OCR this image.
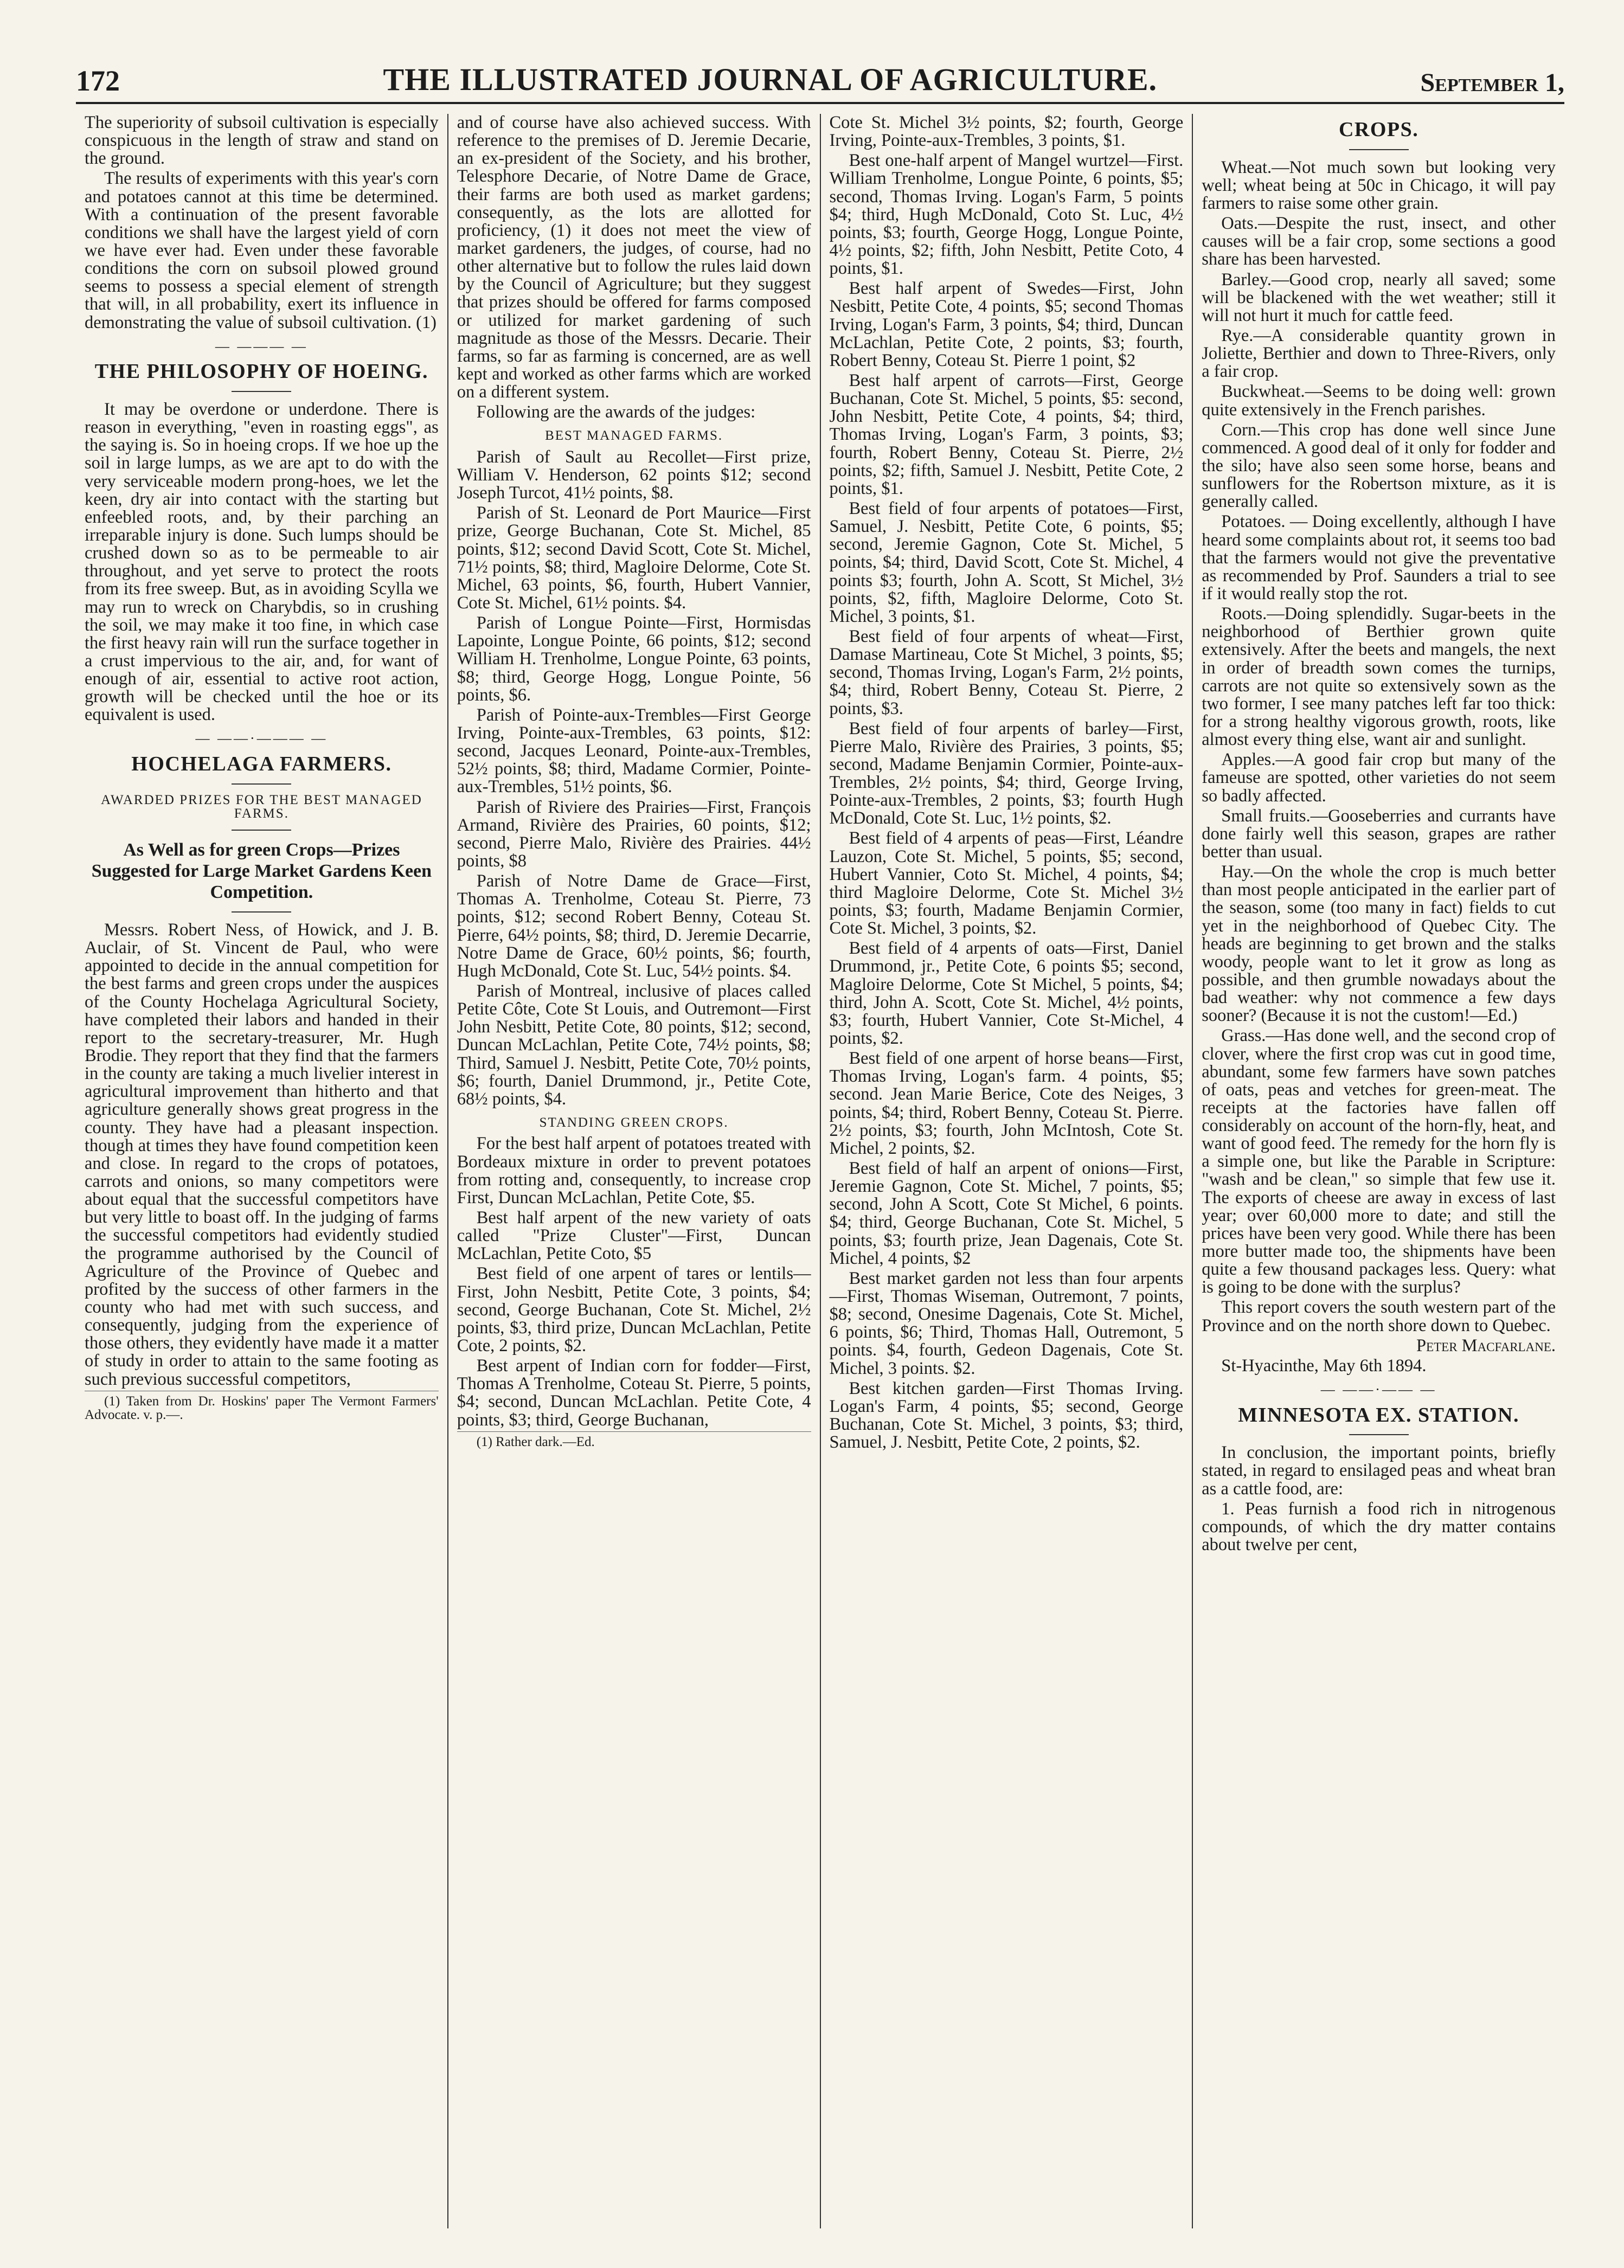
172	THE ILLUSTRATED JOURNAL OF AGRICULTURE.	September 1,

The superiority of subsoil cultivation is especially conspicuous in the length of straw and stand on the ground.

The results of experiments with this year's corn and potatoes cannot at this time be determined. With a continuation of the present favorable conditions we shall have the largest yield of corn we have ever had. Even under these favorable conditions the corn on subsoil plowed ground seems to possess a special element of strength that will, in all probability, exert its influence in demonstrating the value of subsoil cultivation. (1)

— ——— —
THE PHILOSOPHY OF HOEING.

It may be overdone or underdone. There is reason in everything, "even in roasting eggs", as the saying is. So in hoeing crops. If we hoe up the soil in large lumps, as we are apt to do with the very serviceable modern prong-hoes, we let the keen, dry air into contact with the starting but enfeebled roots, and, by their parching an irreparable injury is done. Such lumps should be crushed down so as to be permeable to air throughout, and yet serve to protect the roots from its free sweep. But, as in avoiding Scylla we may run to wreck on Charybdis, so in crushing the soil, we may make it too fine, in which case the first heavy rain will run the surface together in a crust impervious to the air, and, for want of enough of air, essential to active root action, growth will be checked until the hoe or its equivalent is used.

— ——·——— —
HOCHELAGA FARMERS.
AWARDED PRIZES FOR THE BEST MANAGED FARMS.
As Well as for green Crops—Prizes Suggested for Large Market Gardens Keen Competition.

Messrs. Robert Ness, of Howick, and J. B. Auclair, of St. Vincent de Paul, who were appointed to decide in the annual competition for the best farms and green crops under the auspices of the County Hochelaga Agricultural Society, have completed their labors and handed in their report to the secretary-treasurer, Mr. Hugh Brodie. They report that they find that the farmers in the county are taking a much livelier interest in agricultural improvement than hitherto and that agriculture generally shows great progress in the county. They have had a pleasant inspection. though at times they have found competition keen and close. In regard to the crops of potatoes, carrots and onions, so many competitors were about equal that the successful competitors have but very little to boast off. In the judging of farms the successful competitors had evidently studied the programme authorised by the Council of Agriculture of the Province of Quebec and profited by the success of other farmers in the county who had met with such success, and consequently, judging from the experience of those others, they evidently have made it a matter of study in order to attain to the same footing as such previous successful competitors,

(1) Taken from Dr. Hoskins' paper The Vermont Farmers' Advocate. v. p.—.

and of course have also achieved success. With reference to the premises of D. Jeremie Decarie, an ex-president of the Society, and his brother, Telesphore Decarie, of Notre Dame de Grace, their farms are both used as market gardens; consequently, as the lots are allotted for proficiency, (1) it does not meet the view of market gardeners, the judges, of course, had no other alternative but to follow the rules laid down by the Council of Agriculture; but they suggest that prizes should be offered for farms composed or utilized for market gardening of such magnitude as those of the Messrs. Decarie. Their farms, so far as farming is concerned, are as well kept and worked as other farms which are worked on a different system.

Following are the awards of the judges:

BEST MANAGED FARMS.

Parish of Sault au Recollet—First prize, William V. Henderson, 62 points $12; second Joseph Turcot, 41½ points, $8.

Parish of St. Leonard de Port Maurice—First prize, George Buchanan, Cote St. Michel, 85 points, $12; second David Scott, Cote St. Michel, 71½ points, $8; third, Magloire Delorme, Cote St. Michel, 63 points, $6, fourth, Hubert Vannier, Cote St. Michel, 61½ points. $4.

Parish of Longue Pointe—First, Hormisdas Lapointe, Longue Pointe, 66 points, $12; second William H. Trenholme, Longue Pointe, 63 points, $8; third, George Hogg, Longue Pointe, 56 points, $6.

Parish of Pointe-aux-Trembles—First George Irving, Pointe-aux-Trembles, 63 points, $12: second, Jacques Leonard, Pointe-aux-Trembles, 52½ points, $8; third, Madame Cormier, Pointe-aux-Trembles, 51½ points, $6.

Parish of Riviere des Prairies—First, François Armand, Rivière des Prairies, 60 points, $12; second, Pierre Malo, Rivière des Prairies. 44½ points, $8

Parish of Notre Dame de Grace—First, Thomas A. Trenholme, Coteau St. Pierre, 73 points, $12; second Robert Benny, Coteau St. Pierre, 64½ points, $8; third, D. Jeremie Decarrie, Notre Dame de Grace, 60½ points, $6; fourth, Hugh McDonald, Cote St. Luc, 54½ points. $4.

Parish of Montreal, inclusive of places called Petite Côte, Cote St Louis, and Outremont—First John Nesbitt, Petite Cote, 80 points, $12; second, Duncan McLachlan, Petite Cote, 74½ points, $8; Third, Samuel J. Nesbitt, Petite Cote, 70½ points, $6; fourth, Daniel Drummond, jr., Petite Cote, 68½ points, $4.

STANDING GREEN CROPS.

For the best half arpent of potatoes treated with Bordeaux mixture in order to prevent potatoes from rotting and, consequently, to increase crop First, Duncan McLachlan, Petite Cote, $5.

Best half arpent of the new variety of oats called "Prize Cluster"—First, Duncan McLachlan, Petite Coto, $5

Best field of one arpent of tares or lentils—First, John Nesbitt, Petite Cote, 3 points, $4; second, George Buchanan, Cote St. Michel, 2½ points, $3, third prize, Duncan McLachlan, Petite Cote, 2 points, $2.

Best arpent of Indian corn for fodder—First, Thomas A Trenholme, Coteau St. Pierre, 5 points, $4; second, Duncan McLachlan. Petite Cote, 4 points, $3; third, George Buchanan,

(1) Rather dark.—Ed.

Cote St. Michel 3½ points, $2; fourth, George Irving, Pointe-aux-Trembles, 3 points, $1.

Best one-half arpent of Mangel wurtzel—First. William Trenholme, Longue Pointe, 6 points, $5; second, Thomas Irving. Logan's Farm, 5 points $4; third, Hugh McDonald, Coto St. Luc, 4½ points, $3; fourth, George Hogg, Longue Pointe, 4½ points, $2; fifth, John Nesbitt, Petite Coto, 4 points, $1.

Best half arpent of Swedes—First, John Nesbitt, Petite Cote, 4 points, $5; second Thomas Irving, Logan's Farm, 3 points, $4; third, Duncan McLachlan, Petite Cote, 2 points, $3; fourth, Robert Benny, Coteau St. Pierre 1 point, $2

Best half arpent of carrots—First, George Buchanan, Cote St. Michel, 5 points, $5: second, John Nesbitt, Petite Cote, 4 points, $4; third, Thomas Irving, Logan's Farm, 3 points, $3; fourth, Robert Benny, Coteau St. Pierre, 2½ points, $2; fifth, Samuel J. Nesbitt, Petite Cote, 2 points, $1.

Best field of four arpents of potatoes—First, Samuel, J. Nesbitt, Petite Cote, 6 points, $5; second, Jeremie Gagnon, Cote St. Michel, 5 points, $4; third, David Scott, Cote St. Michel, 4 points $3; fourth, John A. Scott, St Michel, 3½ points, $2, fifth, Magloire Delorme, Coto St. Michel, 3 points, $1.

Best field of four arpents of wheat—First, Damase Martineau, Cote St Michel, 3 points, $5; second, Thomas Irving, Logan's Farm, 2½ points, $4; third, Robert Benny, Coteau St. Pierre, 2 points, $3.

Best field of four arpents of barley—First, Pierre Malo, Rivière des Prairies, 3 points, $5; second, Madame Benjamin Cormier, Pointe-aux-Trembles, 2½ points, $4; third, George Irving, Pointe-aux-Trembles, 2 points, $3; fourth Hugh McDonald, Cote St. Luc, 1½ points, $2.

Best field of 4 arpents of peas—First, Léandre Lauzon, Cote St. Michel, 5 points, $5; second, Hubert Vannier, Coto St. Michel, 4 points, $4; third Magloire Delorme, Cote St. Michel 3½ points, $3; fourth, Madame Benjamin Cormier, Cote St. Michel, 3 points, $2.

Best field of 4 arpents of oats—First, Daniel Drummond, jr., Petite Cote, 6 points $5; second, Magloire Delorme, Cote St Michel, 5 points, $4; third, John A. Scott, Cote St. Michel, 4½ points, $3; fourth, Hubert Vannier, Cote St-Michel, 4 points, $2.

Best field of one arpent of horse beans—First, Thomas Irving, Logan's farm. 4 points, $5; second. Jean Marie Berice, Cote des Neiges, 3 points, $4; third, Robert Benny, Coteau St. Pierre. 2½ points, $3; fourth, John McIntosh, Cote St. Michel, 2 points, $2.

Best field of half an arpent of onions—First, Jeremie Gagnon, Cote St. Michel, 7 points, $5; second, John A Scott, Cote St Michel, 6 points. $4; third, George Buchanan, Cote St. Michel, 5 points, $3; fourth prize, Jean Dagenais, Cote St. Michel, 4 points, $2

Best market garden not less than four arpents—First, Thomas Wiseman, Outremont, 7 points, $8; second, Onesime Dagenais, Cote St. Michel, 6 points, $6; Third, Thomas Hall, Outremont, 5 points. $4, fourth, Gedeon Dagenais, Cote St. Michel, 3 points. $2.

Best kitchen garden—First Thomas Irving. Logan's Farm, 4 points, $5; second, George Buchanan, Cote St. Michel, 3 points, $3; third, Samuel, J. Nesbitt, Petite Cote, 2 points, $2.

CROPS.

Wheat.—Not much sown but looking very well; wheat being at 50c in Chicago, it will pay farmers to raise some other grain.

Oats.—Despite the rust, insect, and other causes will be a fair crop, some sections a good share has been harvested.

Barley.—Good crop, nearly all saved; some will be blackened with the wet weather; still it will not hurt it much for cattle feed.

Rye.—A considerable quantity grown in Joliette, Berthier and down to Three-Rivers, only a fair crop.

Buckwheat.—Seems to be doing well: grown quite extensively in the French parishes.

Corn.—This crop has done well since June commenced. A good deal of it only for fodder and the silo; have also seen some horse, beans and sunflowers for the Robertson mixture, as it is generally called.

Potatoes. — Doing excellently, although I have heard some complaints about rot, it seems too bad that the farmers would not give the preventative as recommended by Prof. Saunders a trial to see if it would really stop the rot.

Roots.—Doing splendidly. Sugar-beets in the neighborhood of Berthier grown quite extensively. After the beets and mangels, the next in order of breadth sown comes the turnips, carrots are not quite so extensively sown as the two former, I see many patches left far too thick: for a strong healthy vigorous growth, roots, like almost every thing else, want air and sunlight.

Apples.—A good fair crop but many of the fameuse are spotted, other varieties do not seem so badly affected.

Small fruits.—Gooseberries and currants have done fairly well this season, grapes are rather better than usual.

Hay.—On the whole the crop is much better than most people anticipated in the earlier part of the season, some (too many in fact) fields to cut yet in the neighborhood of Quebec City. The heads are beginning to get brown and the stalks woody, people want to let it grow as long as possible, and then grumble nowadays about the bad weather: why not commence a few days sooner? (Because it is not the custom!—Ed.)

Grass.—Has done well, and the second crop of clover, where the first crop was cut in good time, abundant, some few farmers have sown patches of oats, peas and vetches for green-meat. The receipts at the factories have fallen off considerably on account of the horn-fly, heat, and want of good feed. The remedy for the horn fly is a simple one, but like the Parable in Scripture: "wash and be clean," so simple that few use it. The exports of cheese are away in excess of last year; over 60,000 more to date; and still the prices have been very good. While there has been more butter made too, the shipments have been quite a few thousand packages less. Query: what is going to be done with the surplus?

This report covers the south western part of the Province and on the north shore down to Quebec.

Peter Macfarlane.

St-Hyacinthe, May 6th 1894.

— ——·—— —
MINNESOTA EX. STATION.

In conclusion, the important points, briefly stated, in regard to ensilaged peas and wheat bran as a cattle food, are:

1. Peas furnish a food rich in nitrogenous compounds, of which the dry matter contains about twelve per cent,
